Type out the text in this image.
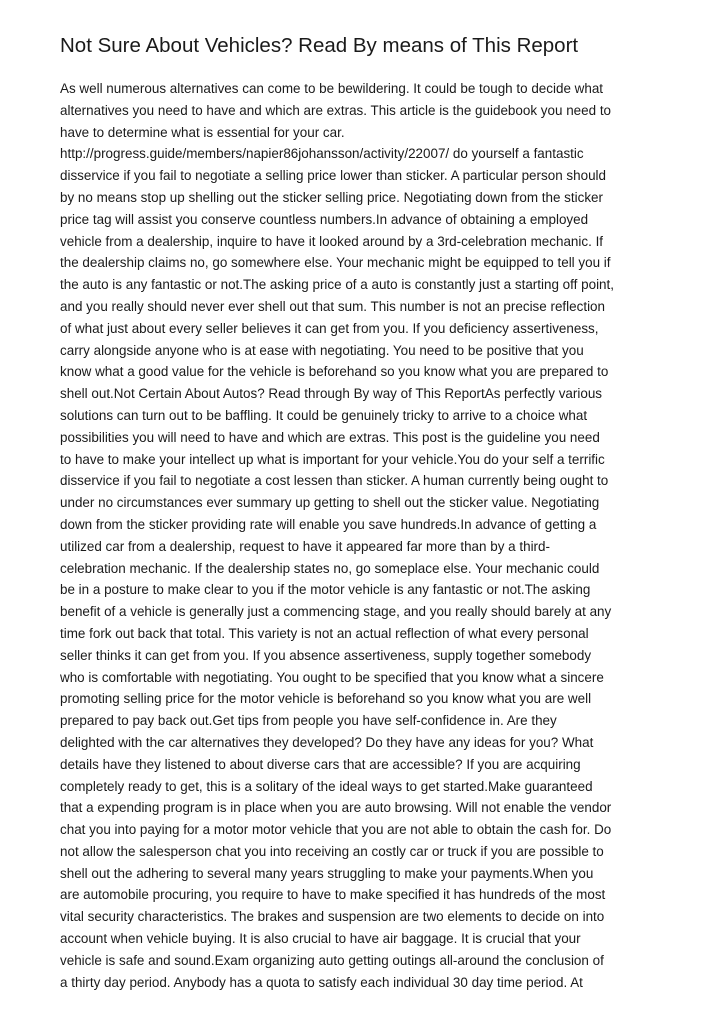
Not Sure About Vehicles? Read By means of This Report
As well numerous alternatives can come to be bewildering. It could be tough to decide what
alternatives you need to have and which are extras. This article is the guidebook you need to
have to determine what is essential for your car.
http://progress.guide/members/napier86johansson/activity/22007/ do yourself a fantastic
disservice if you fail to negotiate a selling price lower than sticker. A particular person should
by no means stop up shelling out the sticker selling price. Negotiating down from the sticker
price tag will assist you conserve countless numbers.In advance of obtaining a employed
vehicle from a dealership, inquire to have it looked around by a 3rd-celebration mechanic. If
the dealership claims no, go somewhere else. Your mechanic might be equipped to tell you if
the auto is any fantastic or not.The asking price of a auto is constantly just a starting off point,
and you really should never ever shell out that sum. This number is not an precise reflection
of what just about every seller believes it can get from you. If you deficiency assertiveness,
carry alongside anyone who is at ease with negotiating. You need to be positive that you
know what a good value for the vehicle is beforehand so you know what you are prepared to
shell out.Not Certain About Autos? Read through By way of This ReportAs perfectly various
solutions can turn out to be baffling. It could be genuinely tricky to arrive to a choice what
possibilities you will need to have and which are extras. This post is the guideline you need
to have to make your intellect up what is important for your vehicle.You do your self a terrific
disservice if you fail to negotiate a cost lessen than sticker. A human currently being ought to
under no circumstances ever summary up getting to shell out the sticker value. Negotiating
down from the sticker providing rate will enable you save hundreds.In advance of getting a
utilized car from a dealership, request to have it appeared far more than by a third-
celebration mechanic. If the dealership states no, go someplace else. Your mechanic could
be in a posture to make clear to you if the motor vehicle is any fantastic or not.The asking
benefit of a vehicle is generally just a commencing stage, and you really should barely at any
time fork out back that total. This variety is not an actual reflection of what every personal
seller thinks it can get from you. If you absence assertiveness, supply together somebody
who is comfortable with negotiating. You ought to be specified that you know what a sincere
promoting selling price for the motor vehicle is beforehand so you know what you are well
prepared to pay back out.Get tips from people you have self-confidence in. Are they
delighted with the car alternatives they developed? Do they have any ideas for you? What
details have they listened to about diverse cars that are accessible? If you are acquiring
completely ready to get, this is a solitary of the ideal ways to get started.Make guaranteed
that a expending program is in place when you are auto browsing. Will not enable the vendor
chat you into paying for a motor motor vehicle that you are not able to obtain the cash for. Do
not allow the salesperson chat you into receiving an costly car or truck if you are possible to
shell out the adhering to several many years struggling to make your payments.When you
are automobile procuring, you require to have to make specified it has hundreds of the most
vital security characteristics. The brakes and suspension are two elements to decide on into
account when vehicle buying. It is also crucial to have air baggage. It is crucial that your
vehicle is safe and sound.Exam organizing auto getting outings all-around the conclusion of
a thirty day period. Anybody has a quota to satisfy each individual 30 day time period. At
